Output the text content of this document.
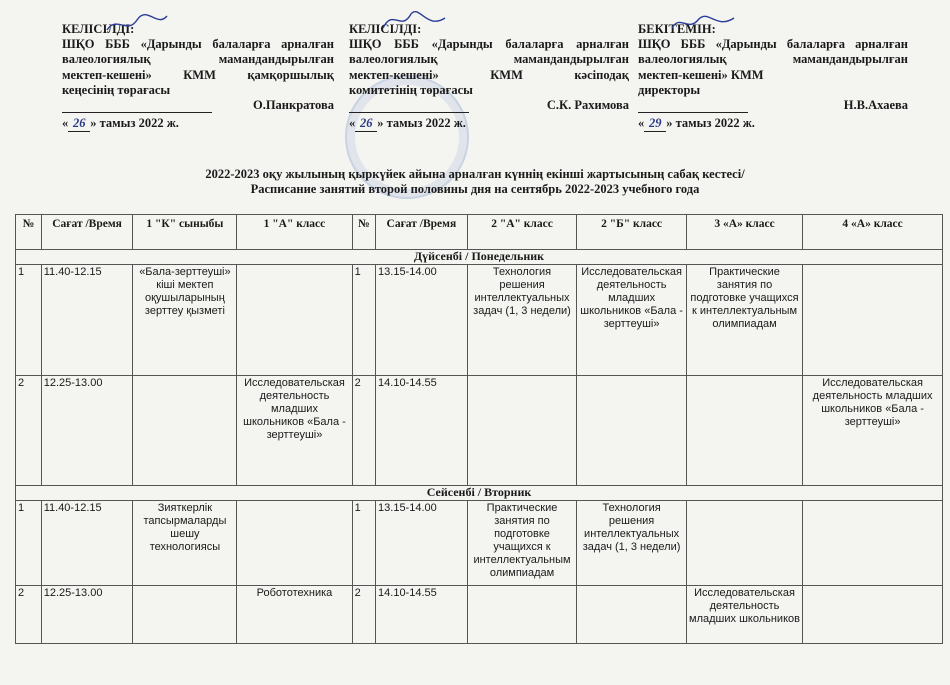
КЕЛІСІЛДІ:
ШҚО БББ «Дарынды балаларға арналған
валеологиялық мамандандырылған
мектеп-кешені» КММ қамқоршылық
кеңесінің төрағасы
О.Панкратова
« 26 » тамыз 2022 ж.
КЕЛІСІЛДІ:
ШҚО БББ «Дарынды балаларға арналған
валеологиялық мамандандырылған
мектеп-кешені» КММ кәсіподақ
комитетінің төрағасы
С.К. Рахимова
« 26 » тамыз 2022 ж.
БЕКІТЕМІН:
ШҚО БББ «Дарынды балаларға арналған
валеологиялық мамандандырылған
мектеп-кешені» КММ
директоры
Н.В.Ахаева
« 29 » тамыз 2022 ж.
2022-2023 оқу жылының қыркүйек айына арналған күннің екінші жартысының сабақ кестесі/
Расписание занятий второй половины дня на сентябрь 2022-2023 учебного года
№	Сағат /Время	1 "К" сыныбы	1 "А" класс	№	Сағат /Время	2 "А" класс	2 "Б" класс	3 «А» класс	4 «А» класс
Дүйсенбі / Понедельник									
1	11.40-12.15	«Бала-зерттеуші» кіші мектеп оқушыларының зерттеу қызметі		1	13.15-14.00	Технология решения интеллектуальных задач (1, 3 недели)	Исследовательская деятельность младших школьников «Бала - зерттеуші»	Практические занятия по подготовке учащихся к интеллектуальным олимпиадам	
2	12.25-13.00		Исследовательская деятельность младших школьников «Бала - зерттеуші»	2	14.10-14.55				Исследовательская деятельность младших школьников «Бала - зерттеуші»
Сейсенбі / Вторник									
1	11.40-12.15	Зияткерлік тапсырмаларды шешу технологиясы		1	13.15-14.00	Практические занятия по подготовке учащихся к интеллектуальным олимпиадам	Технология решения интеллектуальных задач (1, 3 недели)		
2	12.25-13.00		Робототехника	2	14.10-14.55			Исследовательская деятельность младших школьников	
